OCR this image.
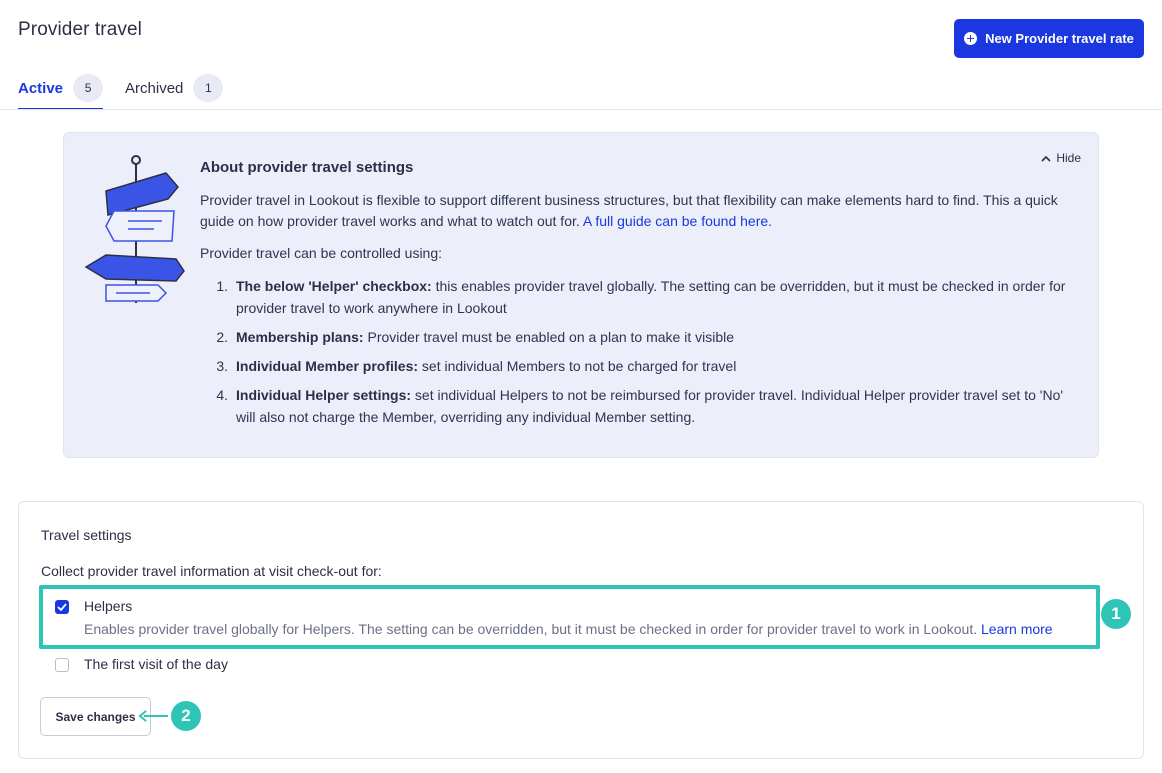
Provider travel	New Provider travel rate
Active	5	Archived	1
Hide
About provider travel settings

Provider travel in Lookout is flexible to support different business structures, but that flexibility can make elements hard to find. This a quick guide on how provider travel works and what to watch out for. A full guide can be found here.

Provider travel can be controlled using:

1. The below 'Helper' checkbox: this enables provider travel globally. The setting can be overridden, but it must be checked in order for provider travel to work anywhere in Lookout
2. Membership plans: Provider travel must be enabled on a plan to make it visible
3. Individual Member profiles: set individual Members to not be charged for travel
4. Individual Helper settings: set individual Helpers to not be reimbursed for provider travel. Individual Helper provider travel set to 'No' will also not charge the Member, overriding any individual Member setting.
Travel settings
Collect provider travel information at visit check-out for:
Helpers
Enables provider travel globally for Helpers. The setting can be overridden, but it must be checked in order for provider travel to work in Lookout. Learn more
The first visit of the day
Save changes
1
2
